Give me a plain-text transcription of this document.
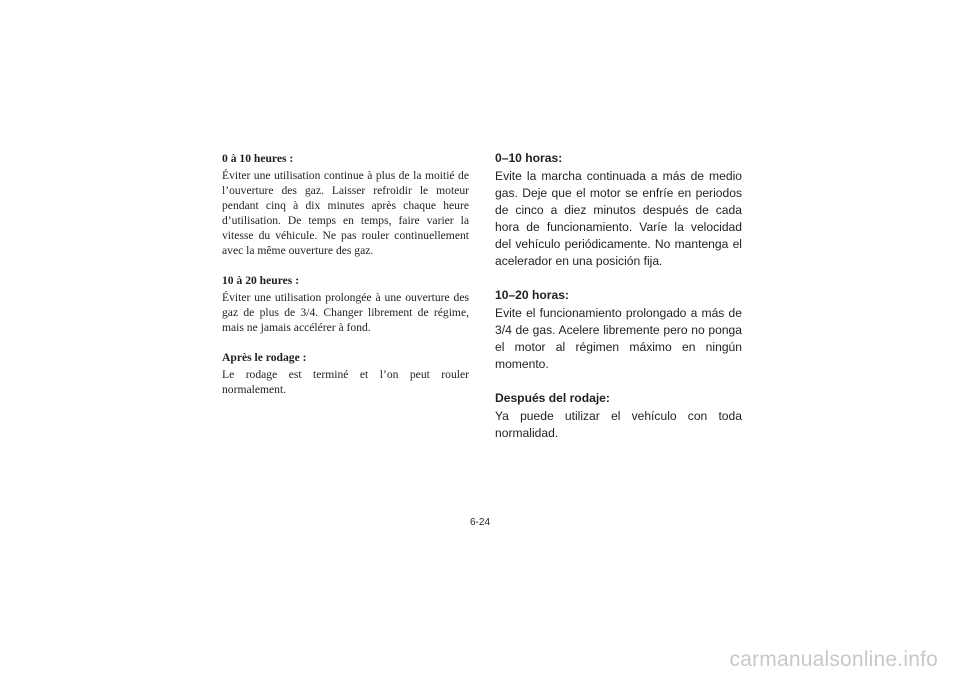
0 à 10 heures :

Éviter une utilisation continue à plus de la moitié de l’ouverture des gaz. Laisser refroidir le moteur pendant cinq à dix minutes après chaque heure d’utilisation. De temps en temps, faire varier la vitesse du véhicule. Ne pas rouler continuellement avec la même ouverture des gaz.

10 à 20 heures :

Éviter une utilisation prolongée à une ouverture des gaz de plus de 3/4. Changer librement de régime, mais ne jamais accélérer à fond.

Après le rodage :

Le rodage est terminé et l’on peut rouler normalement.

0–10 horas:

Evite la marcha continuada a más de medio gas. Deje que el motor se enfríe en periodos de cinco a diez minutos después de cada hora de funcionamiento. Varíe la velocidad del vehículo periódicamente. No mantenga el acelerador en una posición fija.

10–20 horas:

Evite el funcionamiento prolongado a más de 3/4 de gas. Acelere libremente pero no ponga el motor al régimen máximo en ningún momento.

Después del rodaje:

Ya puede utilizar el vehículo con toda normalidad.

6-24
carmanualsonline.info
